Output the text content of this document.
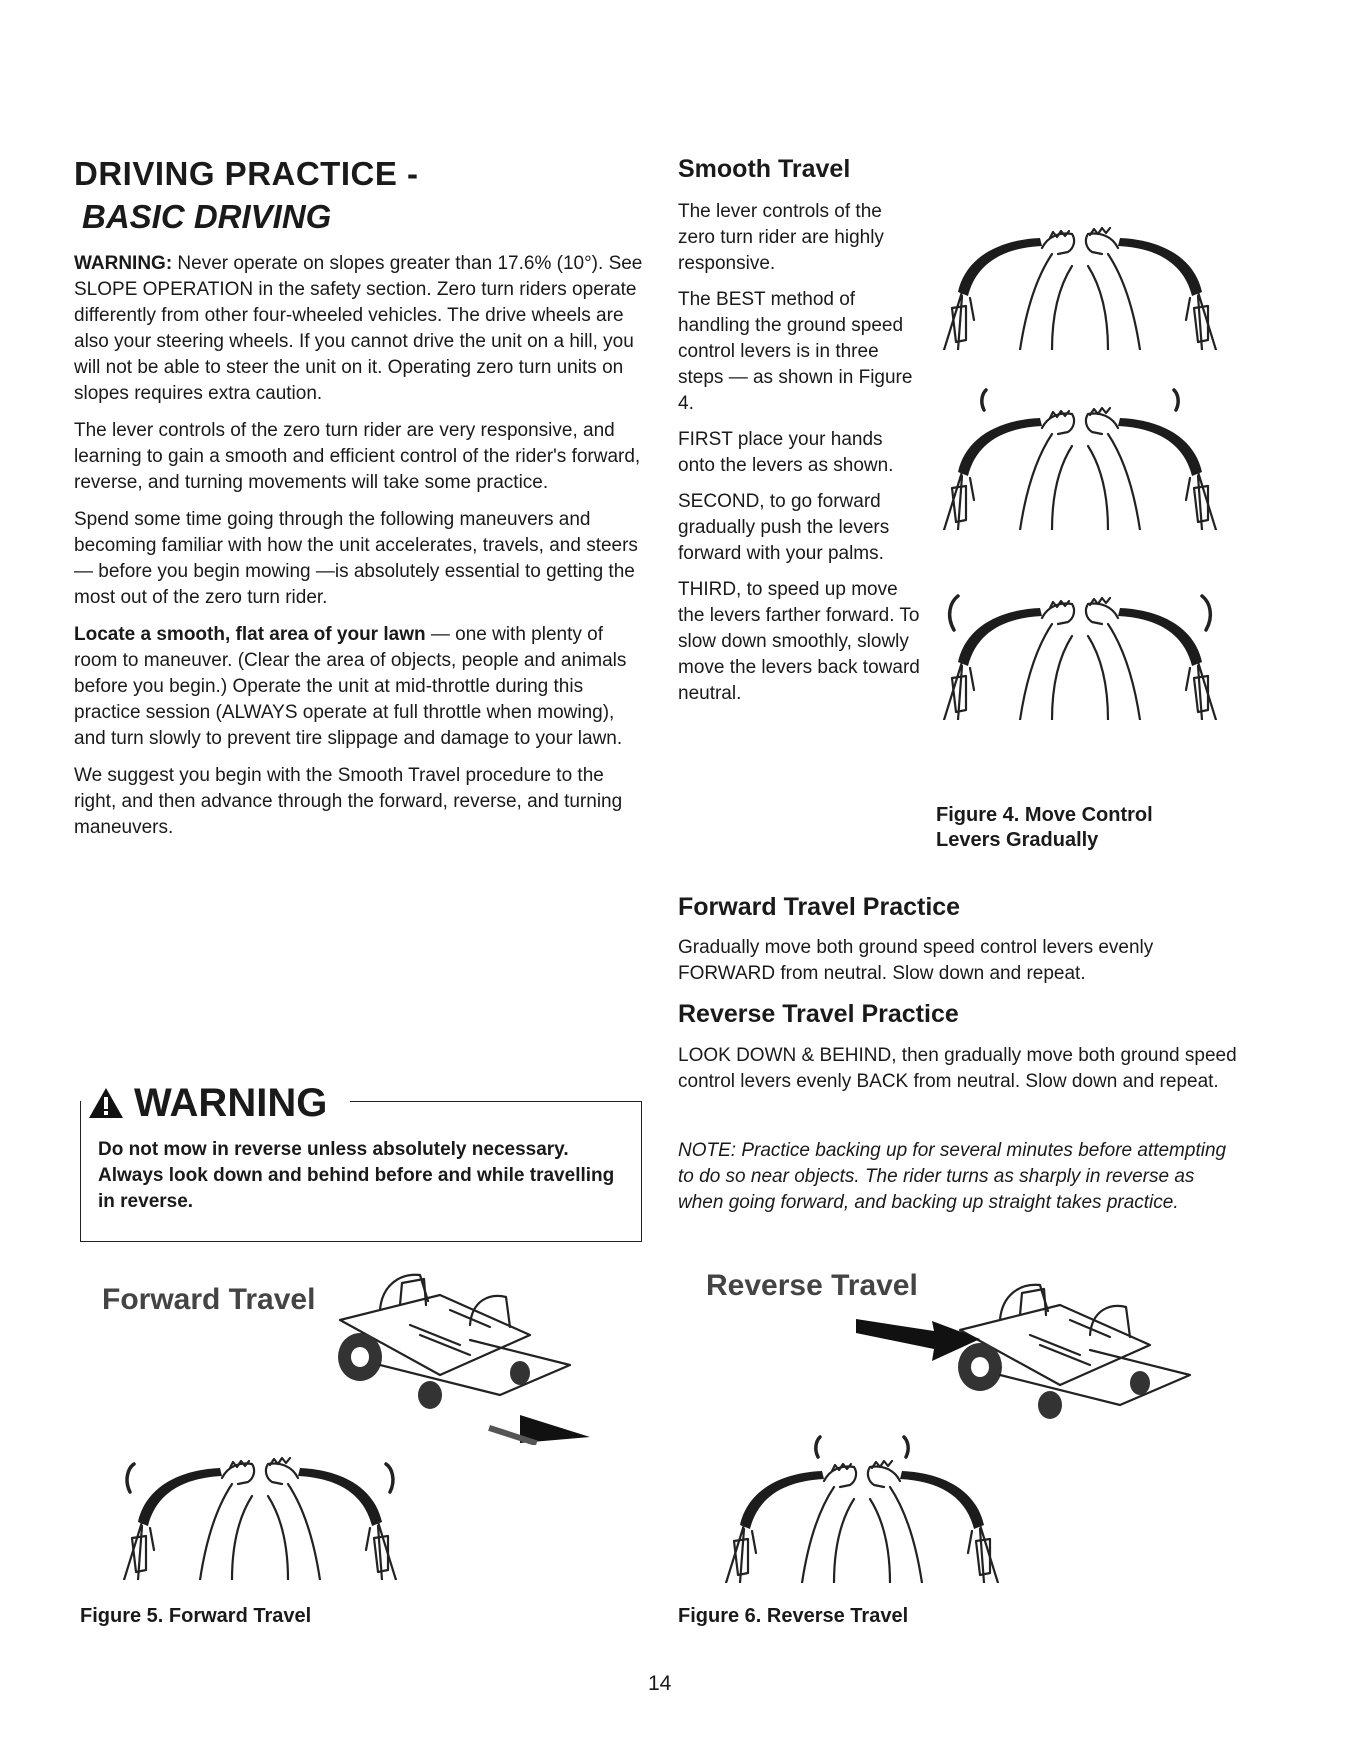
DRIVING PRACTICE -
BASIC DRIVING

WARNING: Never operate on slopes greater than 17.6% (10°). See SLOPE OPERATION in the safety section. Zero turn riders operate differently from other four-wheeled vehicles. The drive wheels are also your steering wheels. If you cannot drive the unit on a hill, you will not be able to steer the unit on it. Operating zero turn units on slopes requires extra caution.

The lever controls of the zero turn rider are very responsive, and learning to gain a smooth and efficient control of the rider's forward, reverse, and turning movements will take some practice.

Spend some time going through the following maneuvers and becoming familiar with how the unit accelerates, travels, and steers — before you begin mowing —is absolutely essential to getting the most out of the zero turn rider.

Locate a smooth, flat area of your lawn — one with plenty of room to maneuver. (Clear the area of objects, people and animals before you begin.) Operate the unit at mid-throttle during this practice session (ALWAYS operate at full throttle when mowing), and turn slowly to prevent tire slippage and damage to your lawn.

We suggest you begin with the Smooth Travel procedure to the right, and then advance through the forward, reverse, and turning maneuvers.

WARNING
Do not mow in reverse unless absolutely necessary. Always look down and behind before and while travelling in reverse.
Forward Travel
Figure 5. Forward Travel
Smooth Travel

The lever controls of the zero turn rider are highly responsive.

The BEST method of handling the ground speed control levers is in three steps — as shown in Figure 4.

FIRST place your hands onto the levers as shown.

SECOND, to go forward gradually push the levers forward with your palms.

THIRD, to speed up move the levers farther forward. To slow down smoothly, slowly move the levers back toward neutral.

Figure 4. Move Control
Levers Gradually
Forward Travel Practice

Gradually move both ground speed control levers evenly FORWARD from neutral. Slow down and repeat.

Reverse Travel Practice

LOOK DOWN & BEHIND, then gradually move both ground speed control levers evenly BACK from neutral. Slow down and repeat.

NOTE: Practice backing up for several minutes before attempting to do so near objects. The rider turns as sharply in reverse as when going forward, and backing up straight takes practice.

Reverse Travel
Figure 6. Reverse Travel
14
